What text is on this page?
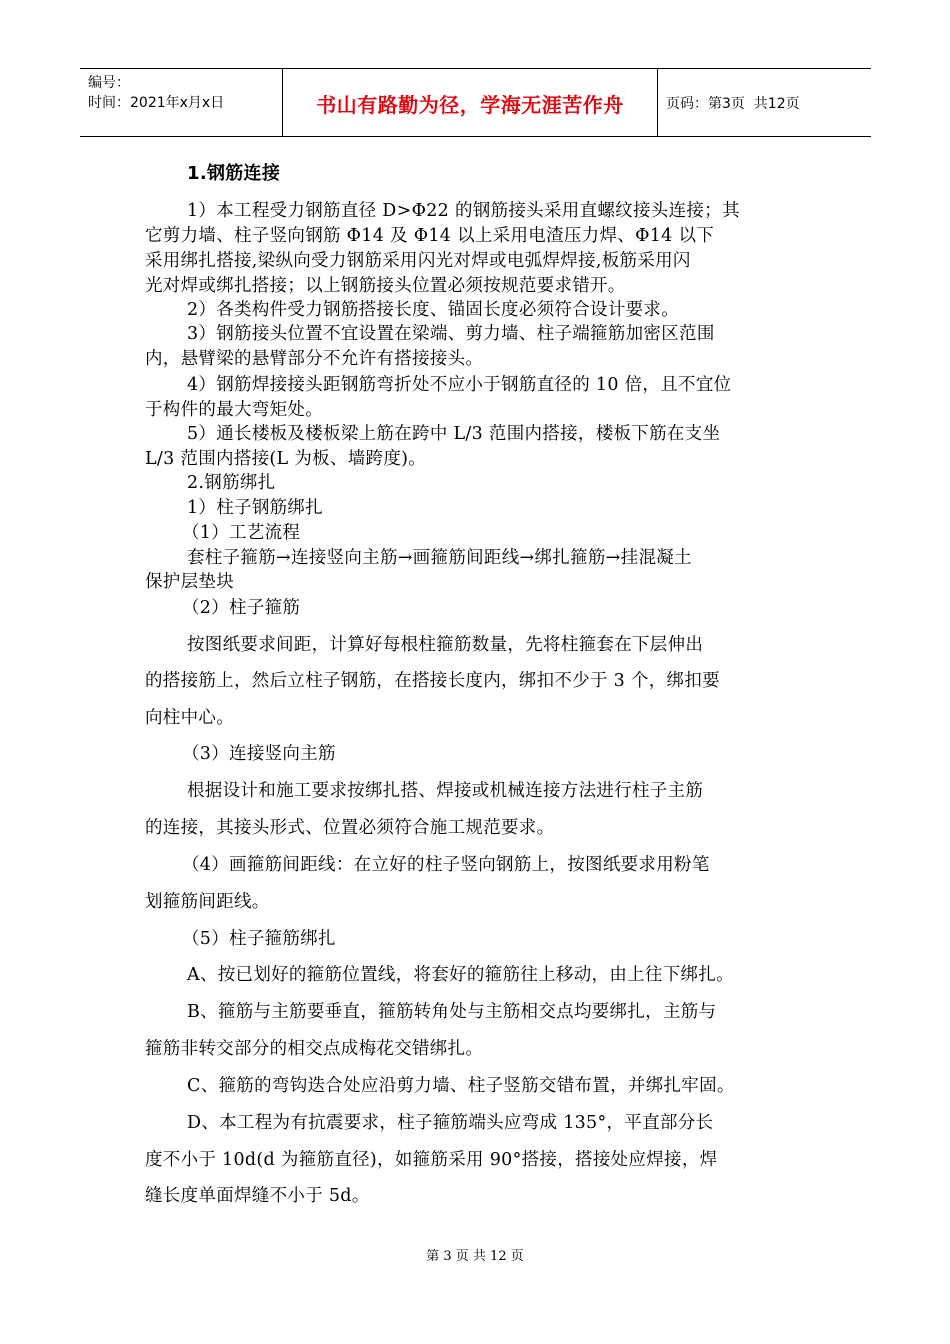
编号：
时间：2021年x月x日	书山有路勤为径，学海无涯苦作舟	页码：第3页  共12页
1.钢筋连接
1）本工程受力钢筋直径 D>Φ22 的钢筋接头采用直螺纹接头连接；其
它剪力墙、柱子竖向钢筋 Φ14 及 Φ14 以上采用电渣压力焊、Φ14 以下
采用绑扎搭接,梁纵向受力钢筋采用闪光对焊或电弧焊焊接,板筋采用闪
光对焊或绑扎搭接；以上钢筋接头位置必须按规范要求错开。
2）各类构件受力钢筋搭接长度、锚固长度必须符合设计要求。
3）钢筋接头位置不宜设置在梁端、剪力墙、柱子端箍筋加密区范围
内，悬臂梁的悬臂部分不允许有搭接接头。
4）钢筋焊接接头距钢筋弯折处不应小于钢筋直径的 10 倍，且不宜位
于构件的最大弯矩处。
5）通长楼板及楼板梁上筋在跨中 L/3 范围内搭接，楼板下筋在支坐
L/3 范围内搭接(L 为板、墙跨度)。
2.钢筋绑扎
1）柱子钢筋绑扎
（1）工艺流程
套柱子箍筋→连接竖向主筋→画箍筋间距线→绑扎箍筋→挂混凝土
保护层垫块
（2）柱子箍筋
按图纸要求间距，计算好每根柱箍筋数量，先将柱箍套在下层伸出
的搭接筋上，然后立柱子钢筋，在搭接长度内，绑扣不少于 3 个，绑扣要
向柱中心。
（3）连接竖向主筋
根据设计和施工要求按绑扎搭、焊接或机械连接方法进行柱子主筋
的连接，其接头形式、位置必须符合施工规范要求。
（4）画箍筋间距线：在立好的柱子竖向钢筋上，按图纸要求用粉笔
划箍筋间距线。
（5）柱子箍筋绑扎
A、按已划好的箍筋位置线，将套好的箍筋往上移动，由上往下绑扎。
B、箍筋与主筋要垂直，箍筋转角处与主筋相交点均要绑扎，主筋与
箍筋非转交部分的相交点成梅花交错绑扎。
C、箍筋的弯钩迭合处应沿剪力墙、柱子竖筋交错布置，并绑扎牢固。
D、本工程为有抗震要求，柱子箍筋端头应弯成 135°，平直部分长
度不小于 10d(d 为箍筋直径)，如箍筋采用 90°搭接，搭接处应焊接，焊
缝长度单面焊缝不小于 5d。
第 3 页 共 12 页
